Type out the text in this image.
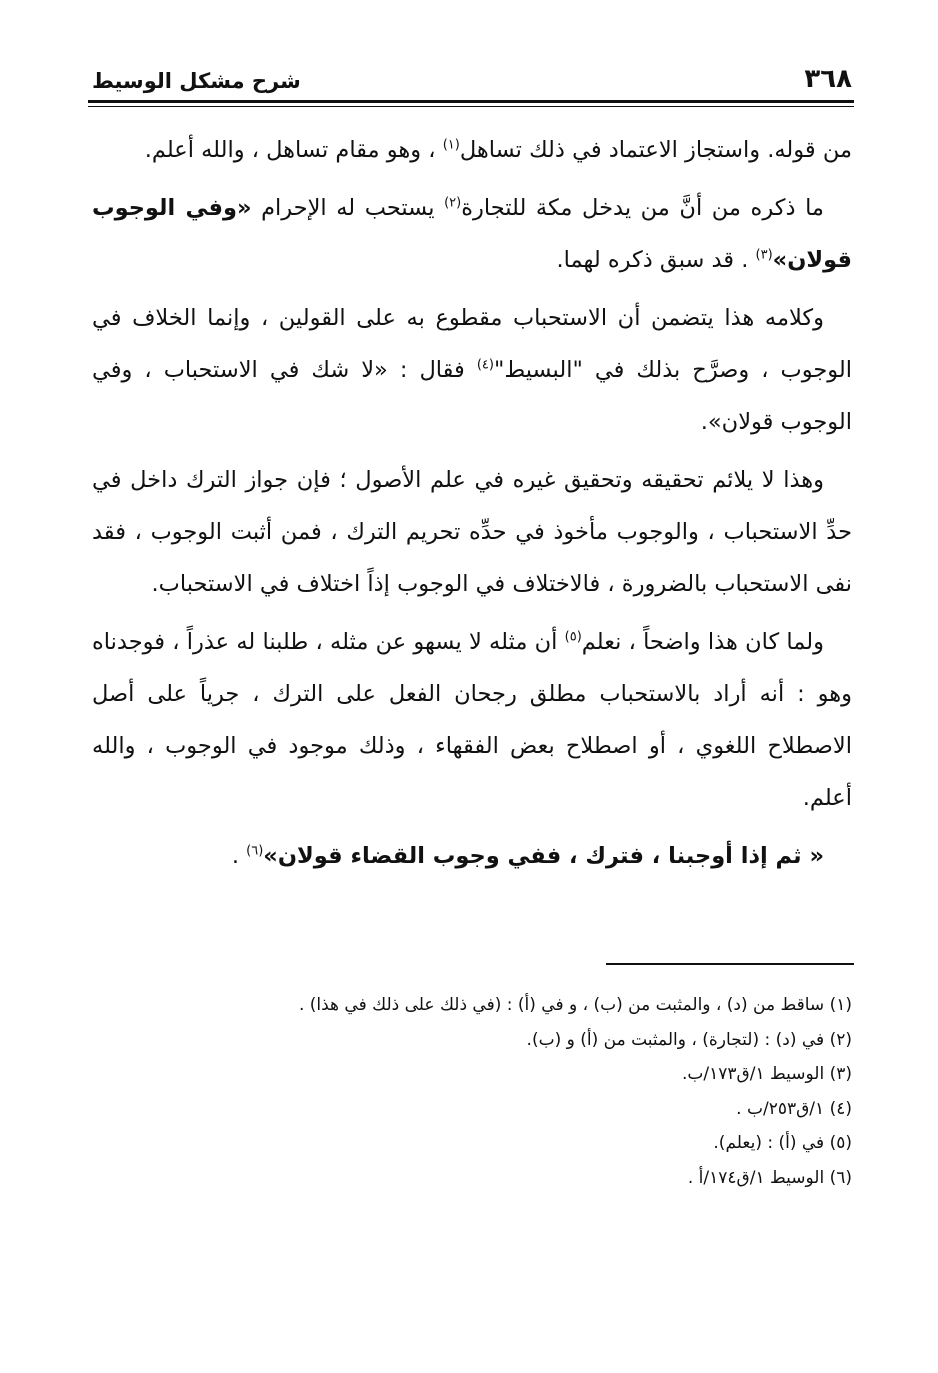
٣٦٨
شرح مشكل الوسيط

من قوله. واستجاز الاعتماد في ذلك تساهل$^{(١)}$ ، وهو مقام تساهل ، والله أعلم.

ما ذكره من أنَّ من يدخل مكة للتجارة$^{(٢)}$ يستحب له الإحرام «وفي الوجوب قولان»$^{(٣)}$ . قد سبق ذكره لهما.

وكلامه هذا يتضمن أن الاستحباب مقطوع به على القولين ، وإنما الخلاف في الوجوب ، وصرَّح بذلك في "البسيط"$^{(٤)}$ فقال : «لا شك في الاستحباب ، وفي الوجوب قولان».

وهذا لا يلائم تحقيقه وتحقيق غيره في علم الأصول ؛ فإن جواز الترك داخل في حدِّ الاستحباب ، والوجوب مأخوذ في حدِّه تحريم الترك ، فمن أثبت الوجوب ، فقد نفى الاستحباب بالضرورة ، فالاختلاف في الوجوب إذاً اختلاف في الاستحباب.

ولما كان هذا واضحاً ، نعلم$^{(٥)}$ أن مثله لا يسهو عن مثله ، طلبنا له عذراً ، فوجدناه وهو : أنه أراد بالاستحباب مطلق رجحان الفعل على الترك ، جرياً على أصل الاصطلاح اللغوي ، أو اصطلاح بعض الفقهاء ، وذلك موجود في الوجوب ، والله أعلم.

« ثم إذا أوجبنا ، فترك ، ففي وجوب القضاء قولان»$^{(٦)}$ .

(١) ساقط من (د) ، والمثبت من (ب) ، و في (أ) : (في ذلك على ذلك في هذا) .
(٢) في (د) : (لتجارة) ، والمثبت من (أ) و (ب).
(٣) الوسيط ١/ق١٧٣/ب.
(٤) ١/ق٢٥٣/ب .
(٥) في (أ) : (يعلم).
(٦) الوسيط ١/ق١٧٤/أ .
